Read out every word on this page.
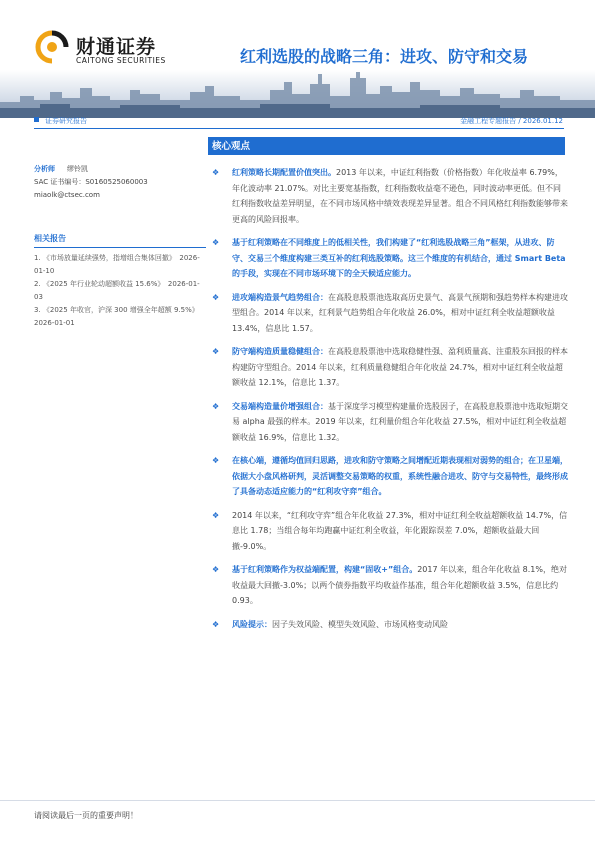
财通证券
CAITONG SECURITIES	红利选股的战略三角：进攻、防守和交易
证券研究报告	金融工程专题报告 / 2026.01.12
分析师 缪铃凯
SAC 证书编号：S0160525060003
miaolk@ctsec.com
相关报告
1. 《市场放量延续强势，指增组合集体回撤》　2026-01-10
2. 《2025 年行业轮动超额收益 15.6%》　2026-01-03
3. 《2025 年收官，沪深 300 增强全年超额 9.5%》　2026-01-01
核心观点
❖ 红利策略长期配置价值突出。2013 年以来，中证红利指数（价格指数）年化收益率 6.79%，年化波动率 21.07%。对比主要宽基指数，红利指数收益毫不逊色，同时波动率更低。但不同红利指数收益差异明显，在不同市场风格中绩效表现差异显著。组合不同风格红利指数能够带来更高的风险回报率。
❖ 基于红利策略在不同维度上的低相关性，我们构建了“红利选股战略三角”框架，从进攻、防守、交易三个维度构建三类互补的红利选股策略。这三个维度的有机结合，通过 Smart Beta 的手段，实现在不同市场环境下的全天候适应能力。
❖ 进攻端构造景气趋势组合：在高股息股票池选取高历史景气、高景气预期和强趋势样本构建进攻型组合。2014 年以来，红利景气趋势组合年化收益 26.0%，相对中证红利全收益超额收益 13.4%，信息比 1.57。
❖ 防守端构造质量稳健组合：在高股息股票池中选取稳健性强、盈利质量高、注重股东回报的样本构建防守型组合。2014 年以来，红利质量稳健组合年化收益 24.7%，相对中证红利全收益超额收益 12.1%，信息比 1.37。
❖ 交易端构造量价增强组合：基于深度学习模型构建量价选股因子，在高股息股票池中选取短期交易 alpha 最强的样本。2019 年以来，红利量价组合年化收益 27.5%，相对中证红利全收益超额收益 16.9%，信息比 1.32。
❖ 在核心端，遵循均值回归思路，进攻和防守策略之间增配近期表现相对弱势的组合；在卫星端，依据大小盘风格研判，灵活调整交易策略的权重，系统性融合进攻、防守与交易特性，最终形成了具备动态适应能力的“红利攻守弈”组合。
❖ 2014 年以来，“红利攻守弈”组合年化收益 27.3%，相对中证红利全收益超额收益 14.7%，信息比 1.78；当组合每年均跑赢中证红利全收益，年化跟踪误差 7.0%，超额收益最大回撤-9.0%。
❖ 基于红利策略作为权益端配置，构建“固收+”组合。2017 年以来，组合年化收益 8.1%，绝对收益最大回撤-3.0%；以两个债券指数平均收益作基准，组合年化超额收益 3.5%，信息比约 0.93。
❖ 风险提示：因子失效风险、模型失效风险、市场风格变动风险
请阅读最后一页的重要声明！
